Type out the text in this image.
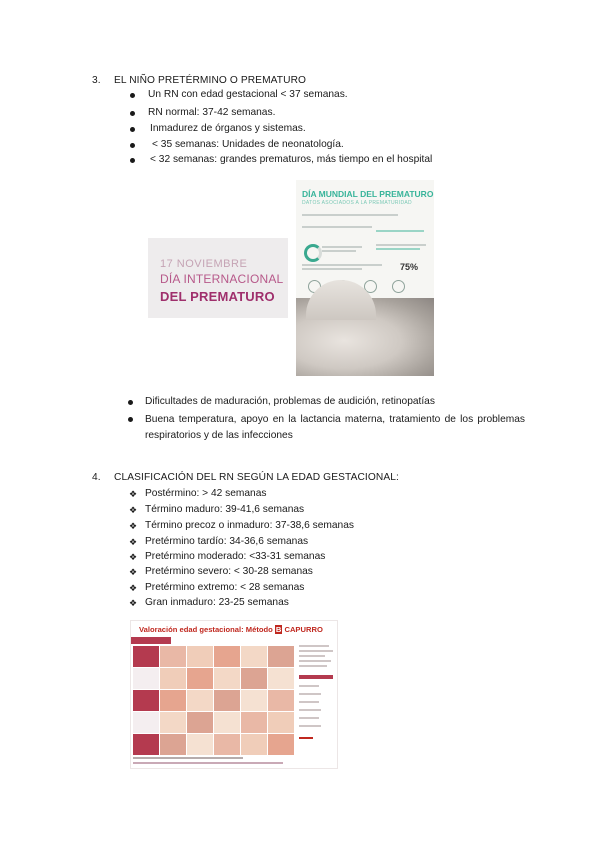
3. EL NIÑO PRETÉRMINO O PREMATURO
Un RN con edad gestacional < 37 semanas.
RN normal: 37-42 semanas.
Inmadurez de órganos y sistemas.
< 35 semanas: Unidades de neonatología.
< 32 semanas: grandes prematuros, más tiempo en el hospital
17 NOVIEMBRE
DÍA INTERNACIONAL
DEL PREMATURO
DÍA MUNDIAL DEL PREMATURO
DATOS ASOCIADOS A LA PREMATURIDAD
75%
Dificultades de maduración, problemas de audición, retinopatías
Buena temperatura, apoyo en la lactancia materna, tratamiento de los problemas respiratorios y de las infecciones
4. CLASIFICACIÓN DEL RN SEGÚN LA EDAD GESTACIONAL:
❖ Postérmino: > 42 semanas
❖ Término maduro: 39-41,6 semanas
❖ Término precoz o inmaduro: 37-38,6 semanas
❖ Pretérmino tardío: 34-36,6 semanas
❖ Pretérmino moderado: <33-31 semanas
❖ Pretérmino severo: < 30-28 semanas
❖ Pretérmino extremo: < 28 semanas
❖ Gran inmaduro: 23-25 semanas
Valoración edad gestacional: Método B CAPURRO
